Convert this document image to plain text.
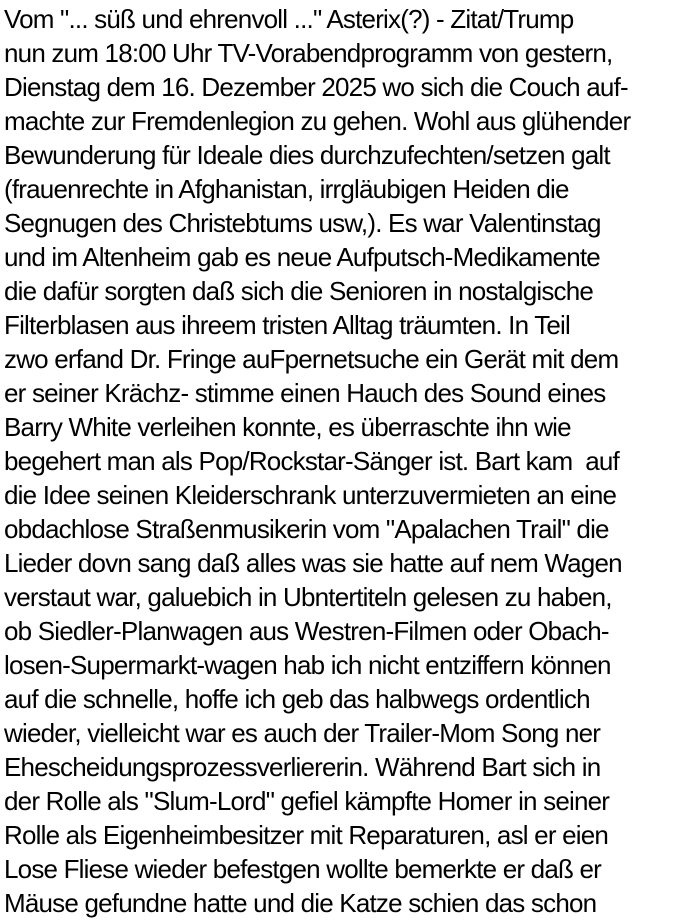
Vom "... süß und ehrenvoll ..." Asterix(?) - Zitat/Trump
nun zum 18:00 Uhr TV-Vorabendprogramm von gestern,
Dienstag dem 16. Dezember 2025 wo sich die Couch auf-
machte zur Fremdenlegion zu gehen. Wohl aus glühender
Bewunderung für Ideale dies durchzufechten/setzen galt
(frauenrechte in Afghanistan, irrgläubigen Heiden die
Segnugen des Christebtums usw,). Es war Valentinstag
und im Altenheim gab es neue Aufputsch-Medikamente
die dafür sorgten daß sich die Senioren in nostalgische
Filterblasen aus ihreem tristen Alltag träumten. In Teil
zwo erfand Dr. Fringe auFpernetsuche ein Gerät mit dem
er seiner Krächz- stimme einen Hauch des Sound eines
Barry White verleihen konnte, es überraschte ihn wie
begehert man als Pop/Rockstar-Sänger ist. Bart kam  auf
die Idee seinen Kleiderschrank unterzuvermieten an eine
obdachlose Straßenmusikerin vom "Apalachen Trail" die
Lieder dovn sang daß alles was sie hatte auf nem Wagen
verstaut war, galuebich in Ubntertiteln gelesen zu haben,
ob Siedler-Planwagen aus Westren-Filmen oder Obach-
losen-Supermarkt-wagen hab ich nicht entziffern können
auf die schnelle, hoffe ich geb das halbwegs ordentlich
wieder, vielleicht war es auch der Trailer-Mom Song ner
Ehescheidungsprozessverliererin. Während Bart sich in
der Rolle als "Slum-Lord" gefiel kämpfte Homer in seiner
Rolle als Eigenheimbesitzer mit Reparaturen, asl er eien
Lose Fliese wieder befestgen wollte bemerkte er daß er
Mäuse gefundne hatte und die Katze schien das schon
